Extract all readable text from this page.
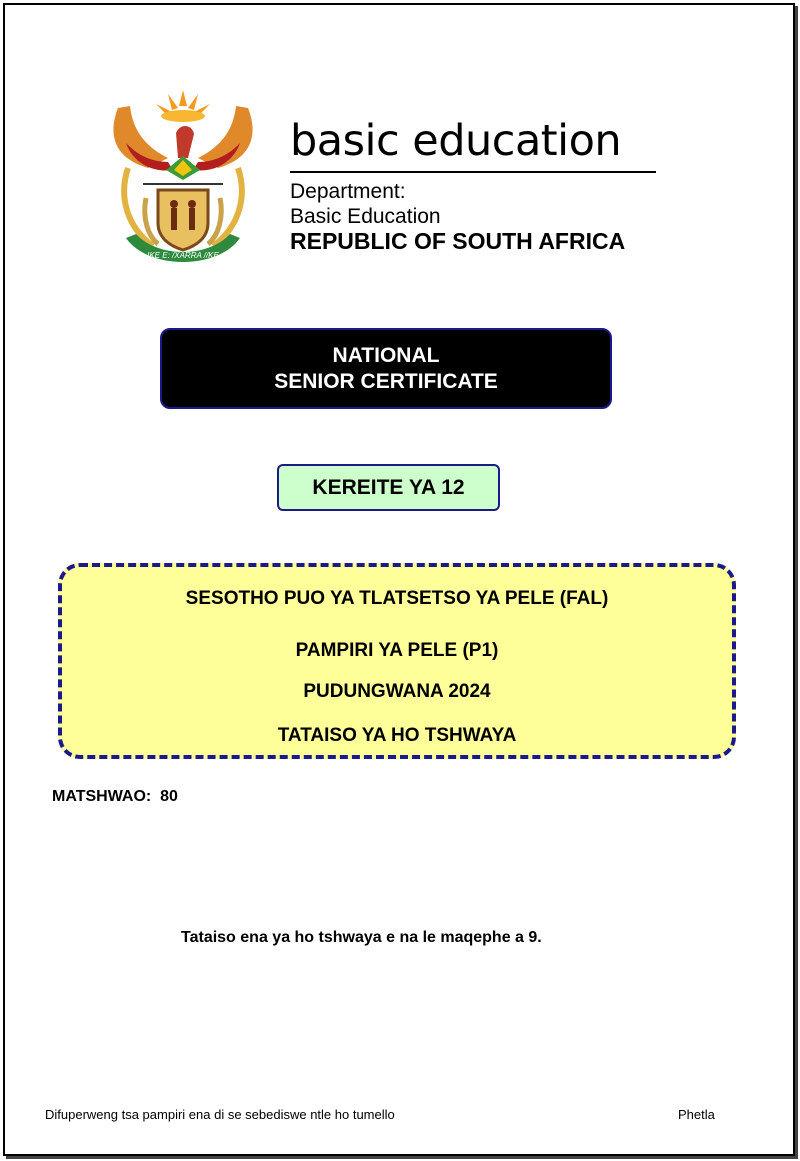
!KE E: /XARRA //KE
basic education
Department:
Basic Education
REPUBLIC OF SOUTH AFRICA
NATIONAL
SENIOR CERTIFICATE
KEREITE YA 12
SESOTHO PUO YA TLATSETSO YA PELE (FAL)
PAMPIRI YA PELE (P1)
PUDUNGWANA 2024
TATAISO YA HO TSHWAYA
MATSHWAO:  80
Tataiso ena ya ho tshwaya e na le maqephe a 9.
Difuperweng tsa pampiri ena di se sebediswe ntle ho tumello	Phetla
